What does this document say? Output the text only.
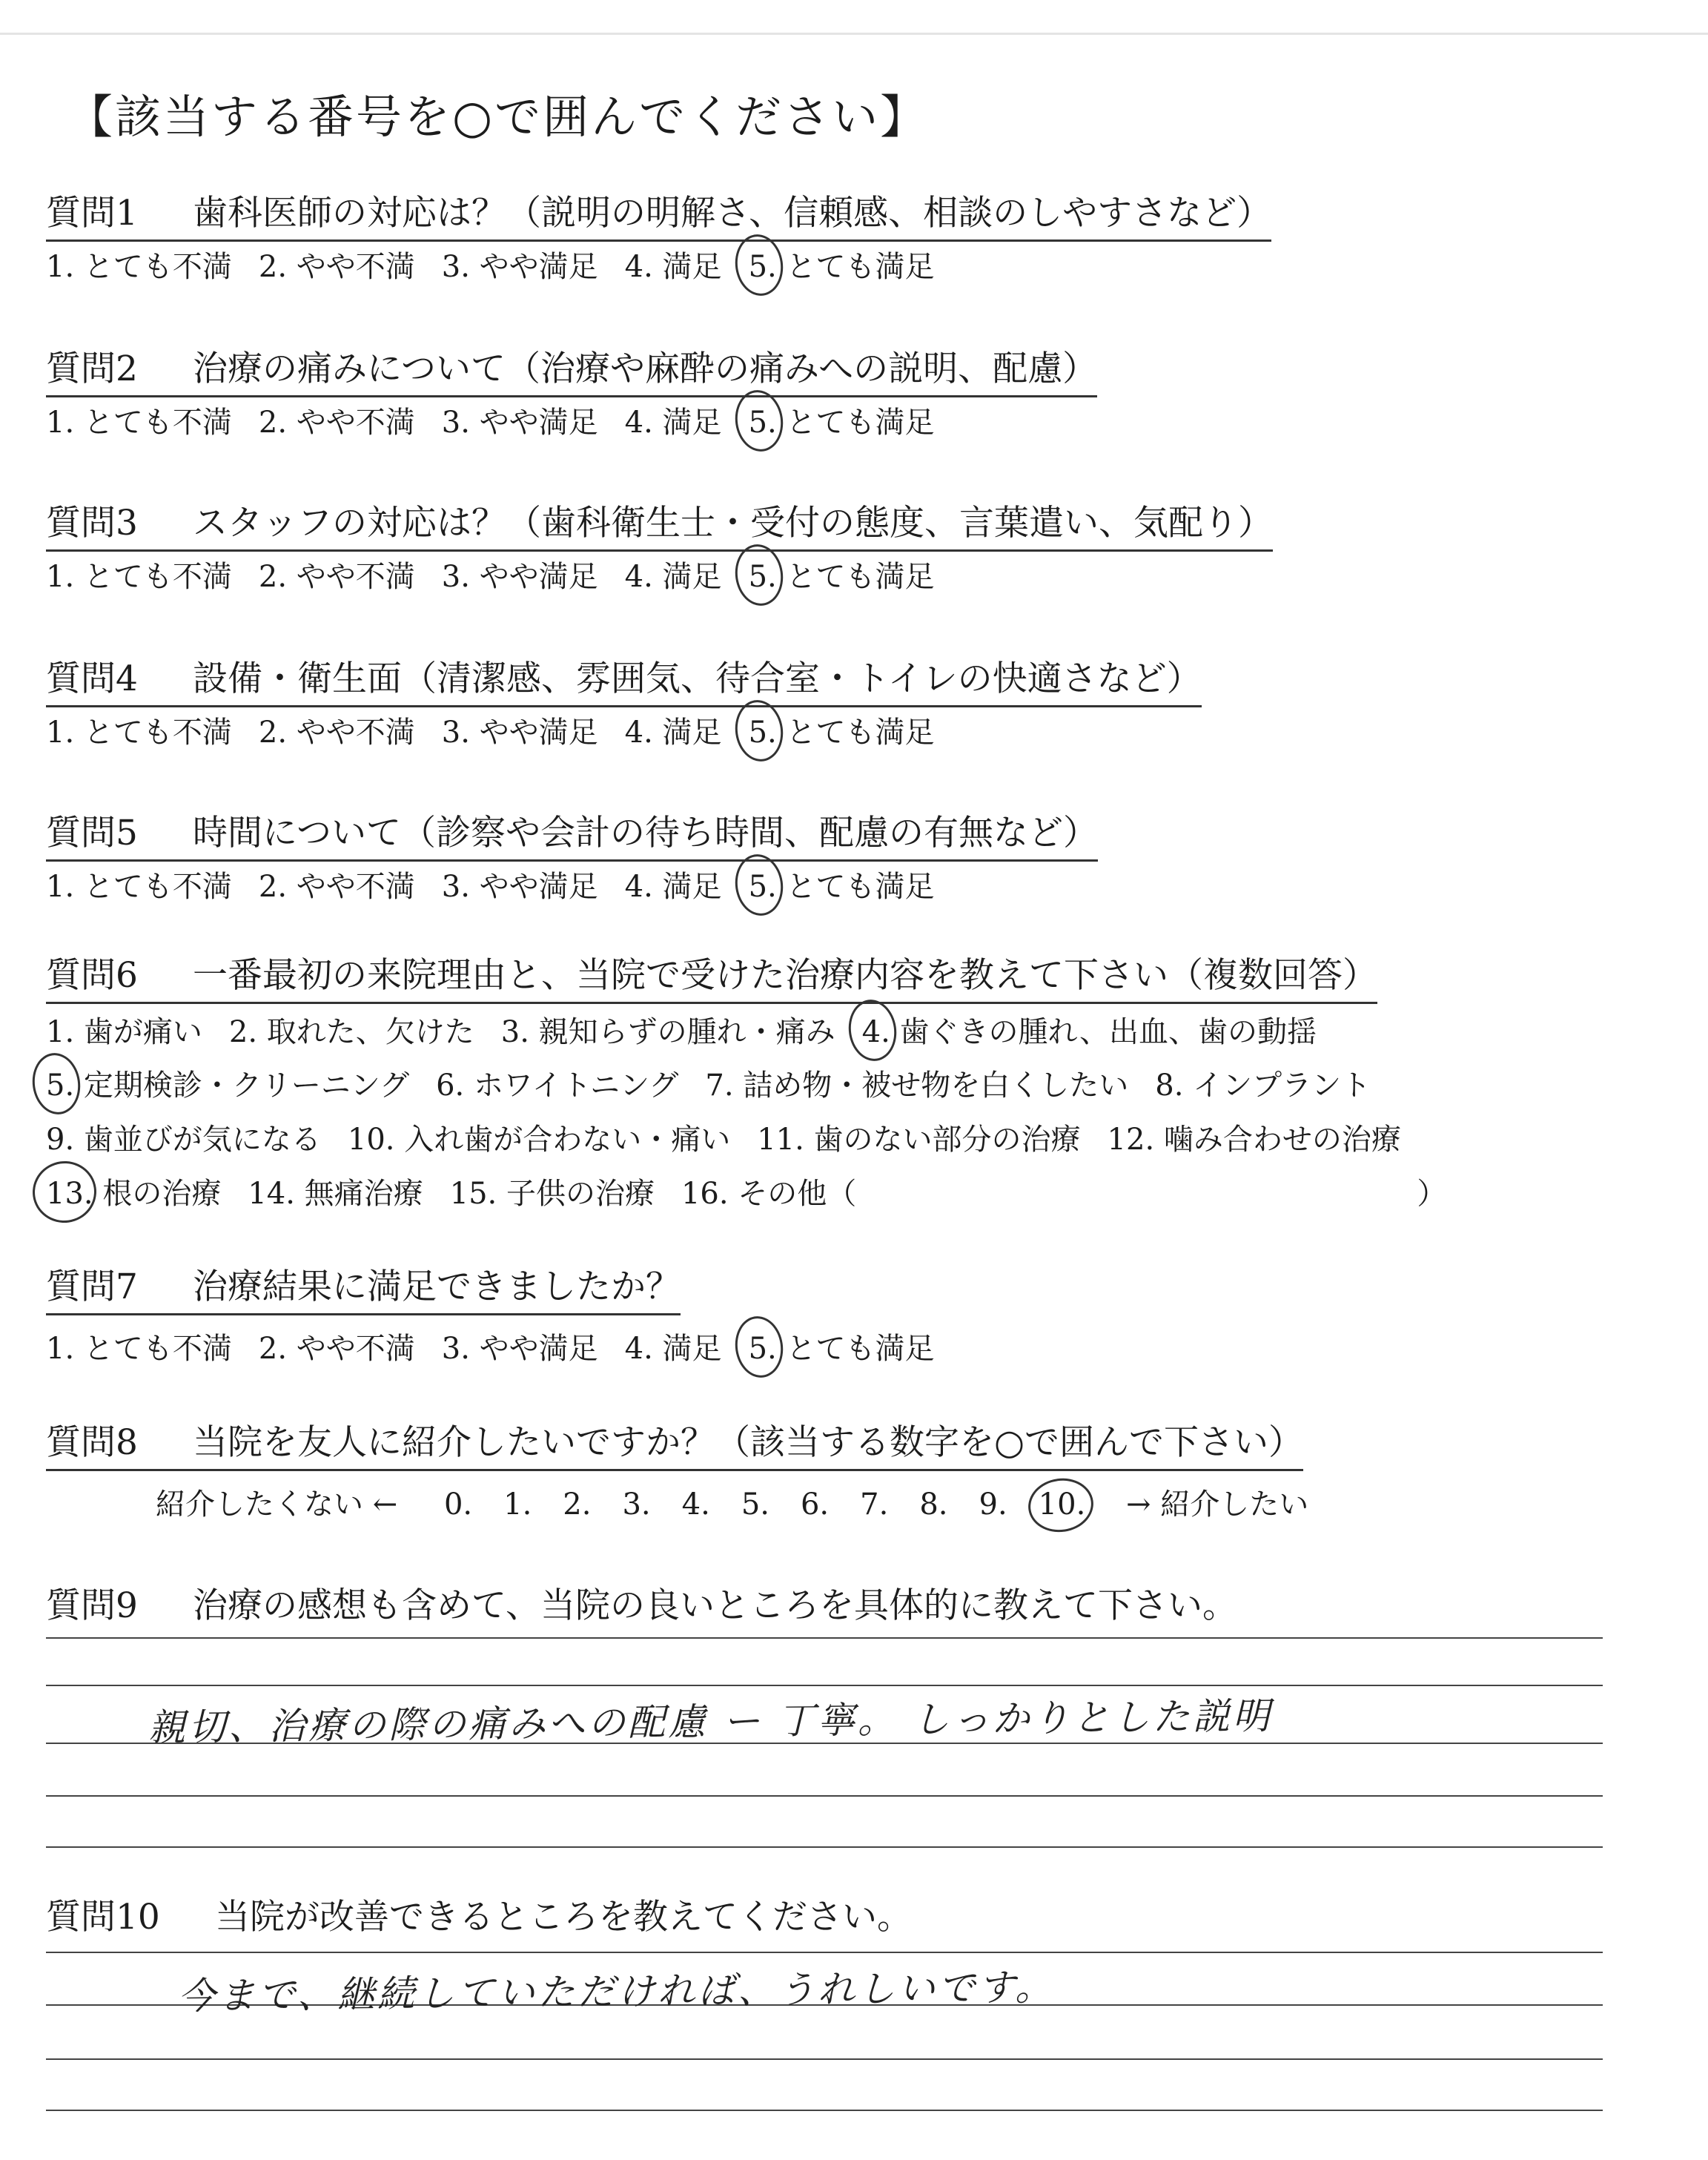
【該当する番号を○で囲んでください】
質問1 歯科医師の対応は？（説明の明解さ、信頼感、相談のしやすさなど）
1. とても不満 2. やや不満 3. やや満足 4. 満足 5. とても満足
質問2 治療の痛みについて（治療や麻酔の痛みへの説明、配慮）
1. とても不満 2. やや不満 3. やや満足 4. 満足 5. とても満足
質問3 スタッフの対応は？（歯科衛生士・受付の態度、言葉遣い、気配り）
1. とても不満 2. やや不満 3. やや満足 4. 満足 5. とても満足
質問4 設備・衛生面（清潔感、雰囲気、待合室・トイレの快適さなど）
1. とても不満 2. やや不満 3. やや満足 4. 満足 5. とても満足
質問5 時間について（診察や会計の待ち時間、配慮の有無など）
1. とても不満 2. やや不満 3. やや満足 4. 満足 5. とても満足
質問6 一番最初の来院理由と、当院で受けた治療内容を教えて下さい（複数回答）
1. 歯が痛い 2. 取れた、欠けた 3. 親知らずの腫れ・痛み 4. 歯ぐきの腫れ、出血、歯の動揺
5. 定期検診・クリーニング 6. ホワイトニング 7. 詰め物・被せ物を白くしたい 8. インプラント
9. 歯並びが気になる 10. 入れ歯が合わない・痛い 11. 歯のない部分の治療 12. 噛み合わせの治療
13. 根の治療 14. 無痛治療 15. 子供の治療 16. その他（	）
質問7 治療結果に満足できましたか？
1. とても不満 2. やや不満 3. やや満足 4. 満足 5. とても満足
質問8 当院を友人に紹介したいですか？（該当する数字を○で囲んで下さい）
紹介したくない ← 0. 1. 2. 3. 4. 5. 6. 7. 8. 9. 10. → 紹介したい
質問9 治療の感想も含めて、当院の良いところを具体的に教えて下さい。
親切、治療の際の痛みへの配慮 ー 丁寧。 しっかりとした説明
質問10 当院が改善できるところを教えてください。
今まで、継続していただければ、うれしいです。
